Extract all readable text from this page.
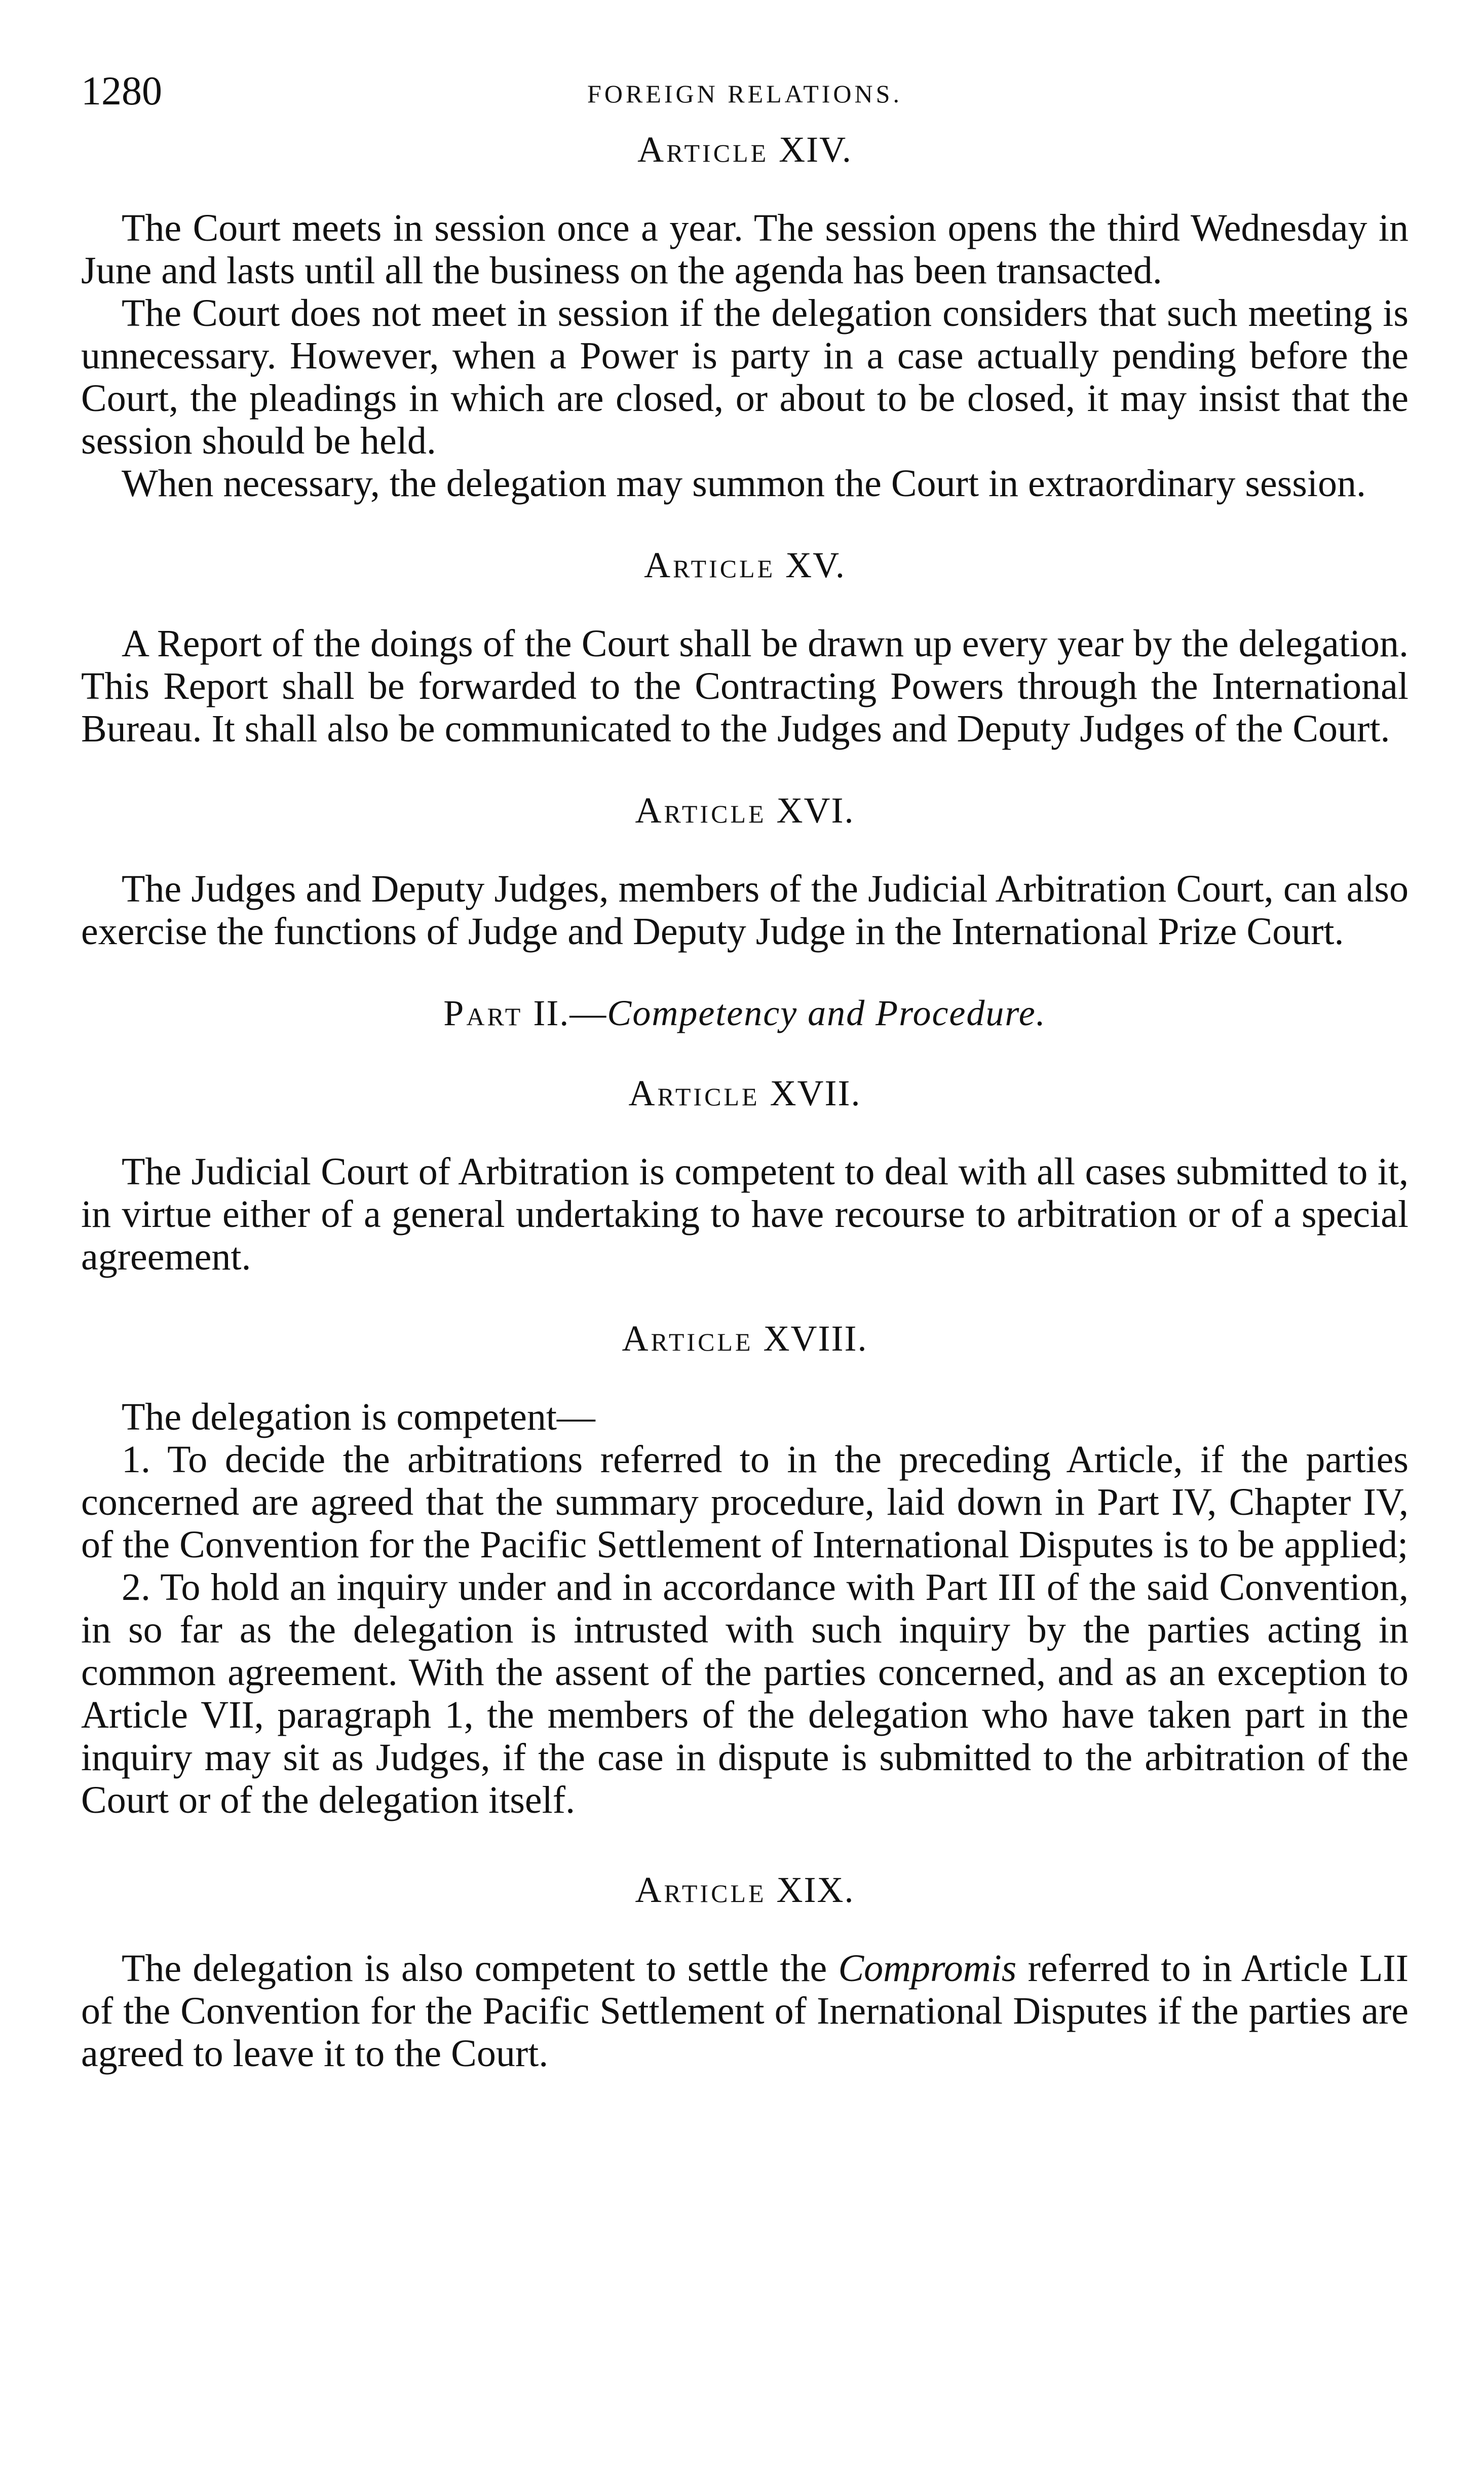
1280	FOREIGN RELATIONS.
Article XIV.

The Court meets in session once a year. The session opens the third Wednesday in June and lasts until all the business on the agenda has been transacted.

The Court does not meet in session if the delegation considers that such meeting is unnecessary. However, when a Power is party in a case actually pending before the Court, the pleadings in which are closed, or about to be closed, it may insist that the session should be held.

When necessary, the delegation may summon the Court in extraordinary session.

Article XV.

A Report of the doings of the Court shall be drawn up every year by the delegation. This Report shall be forwarded to the Contracting Powers through the International Bureau. It shall also be communicated to the Judges and Deputy Judges of the Court.

Article XVI.

The Judges and Deputy Judges, members of the Judicial Arbitration Court, can also exercise the functions of Judge and Deputy Judge in the International Prize Court.

Part II.—Competency and Procedure.
Article XVII.

The Judicial Court of Arbitration is competent to deal with all cases submitted to it, in virtue either of a general undertaking to have recourse to arbitration or of a special agreement.

Article XVIII.

The delegation is competent—

1. To decide the arbitrations referred to in the preceding Article, if the parties concerned are agreed that the summary procedure, laid down in Part IV, Chapter IV, of the Convention for the Pacific Settlement of International Disputes is to be applied;

2. To hold an inquiry under and in accordance with Part III of the said Convention, in so far as the delegation is intrusted with such inquiry by the parties acting in common agreement. With the assent of the parties concerned, and as an exception to Article VII, paragraph 1, the members of the delegation who have taken part in the inquiry may sit as Judges, if the case in dispute is submitted to the arbitration of the Court or of the delegation itself.

Article XIX.

The delegation is also competent to settle the Compromis referred to in Article LII of the Convention for the Pacific Settlement of Inernational Disputes if the parties are agreed to leave it to the Court.
